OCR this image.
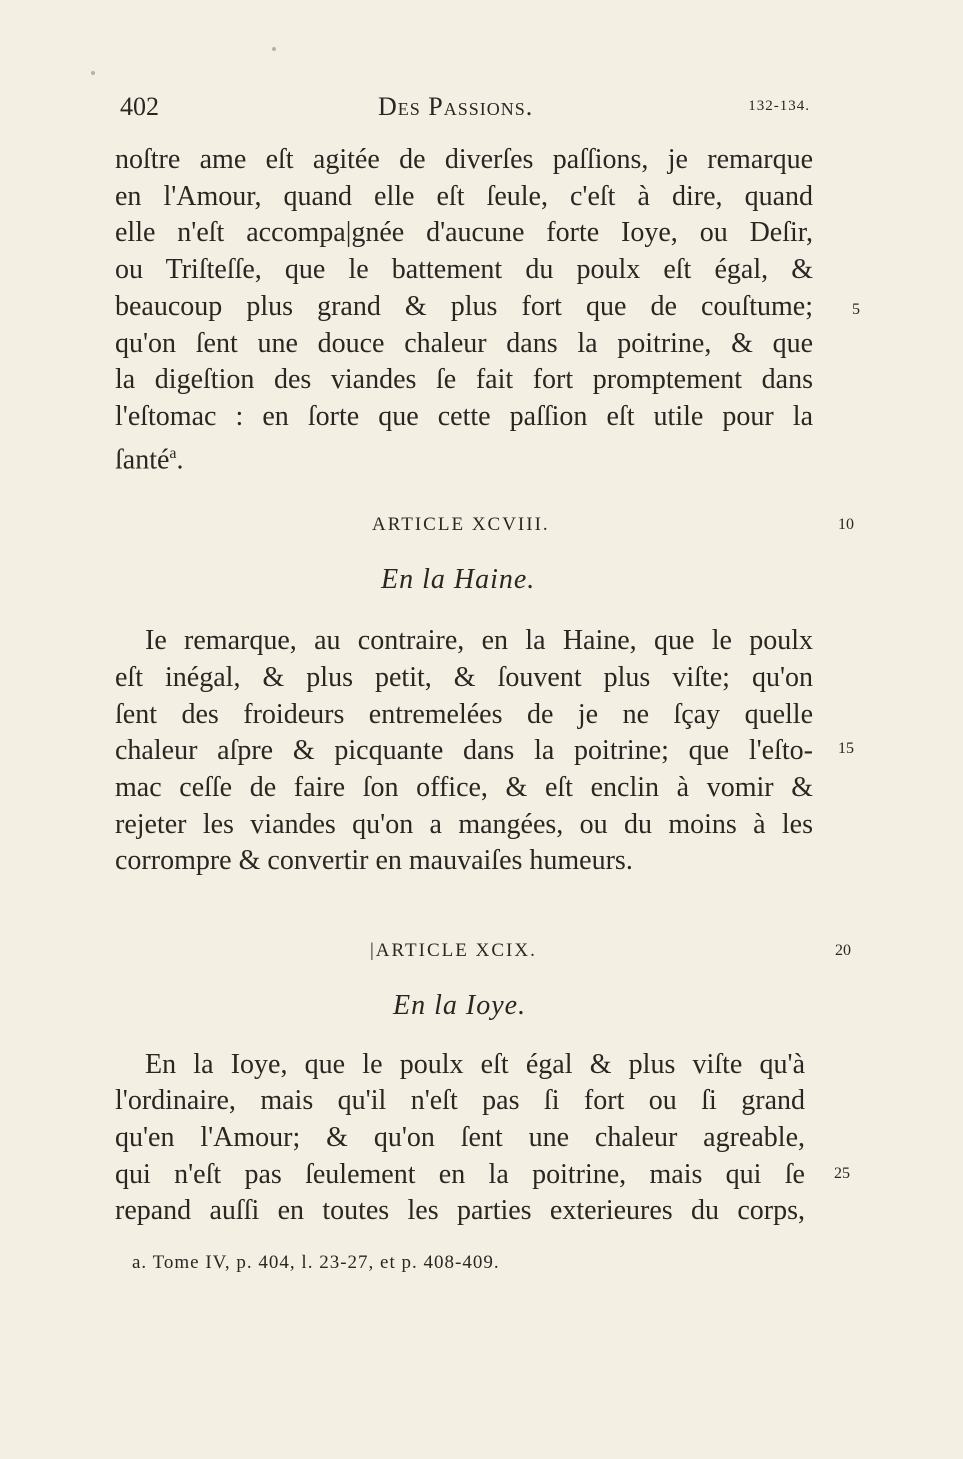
402	Des Passions.	132-134.
noſtre ame eſt agitée de diverſes paſſions, je remarque
en l'Amour, quand elle eſt ſeule, c'eſt à dire, quand
elle n'eſt accompa|gnée d'aucune forte Ioye, ou Deſir,
ou Triſteſſe, que le battement du poulx eſt égal, &
beaucoup plus grand & plus fort que de couſtume;
qu'on ſent une douce chaleur dans la poitrine, & que
la digeſtion des viandes ſe fait fort promptement dans
l'eſtomac : en ſorte que cette paſſion eſt utile pour la
ſanté$^a$.
5
ARTICLE XCVIII.	10
En la Haine.
Ie remarque, au contraire, en la Haine, que le poulx
eſt inégal, & plus petit, & ſouvent plus viſte; qu'on
ſent des froideurs entremelées de je ne ſçay quelle
chaleur aſpre & picquante dans la poitrine; que l'eſto-
mac ceſſe de faire ſon office, & eſt enclin à vomir &
rejeter les viandes qu'on a mangées, ou du moins à les
corrompre & convertir en mauvaiſes humeurs.
15
|ARTICLE XCIX.	20
En la Ioye.
En la Ioye, que le poulx eſt égal & plus viſte qu'à
l'ordinaire, mais qu'il n'eſt pas ſi fort ou ſi grand
qu'en l'Amour; & qu'on ſent une chaleur agreable,
qui n'eſt pas ſeulement en la poitrine, mais qui ſe
repand auſſi en toutes les parties exterieures du corps,
25
a. Tome IV, p. 404, l. 23-27, et p. 408-409.
